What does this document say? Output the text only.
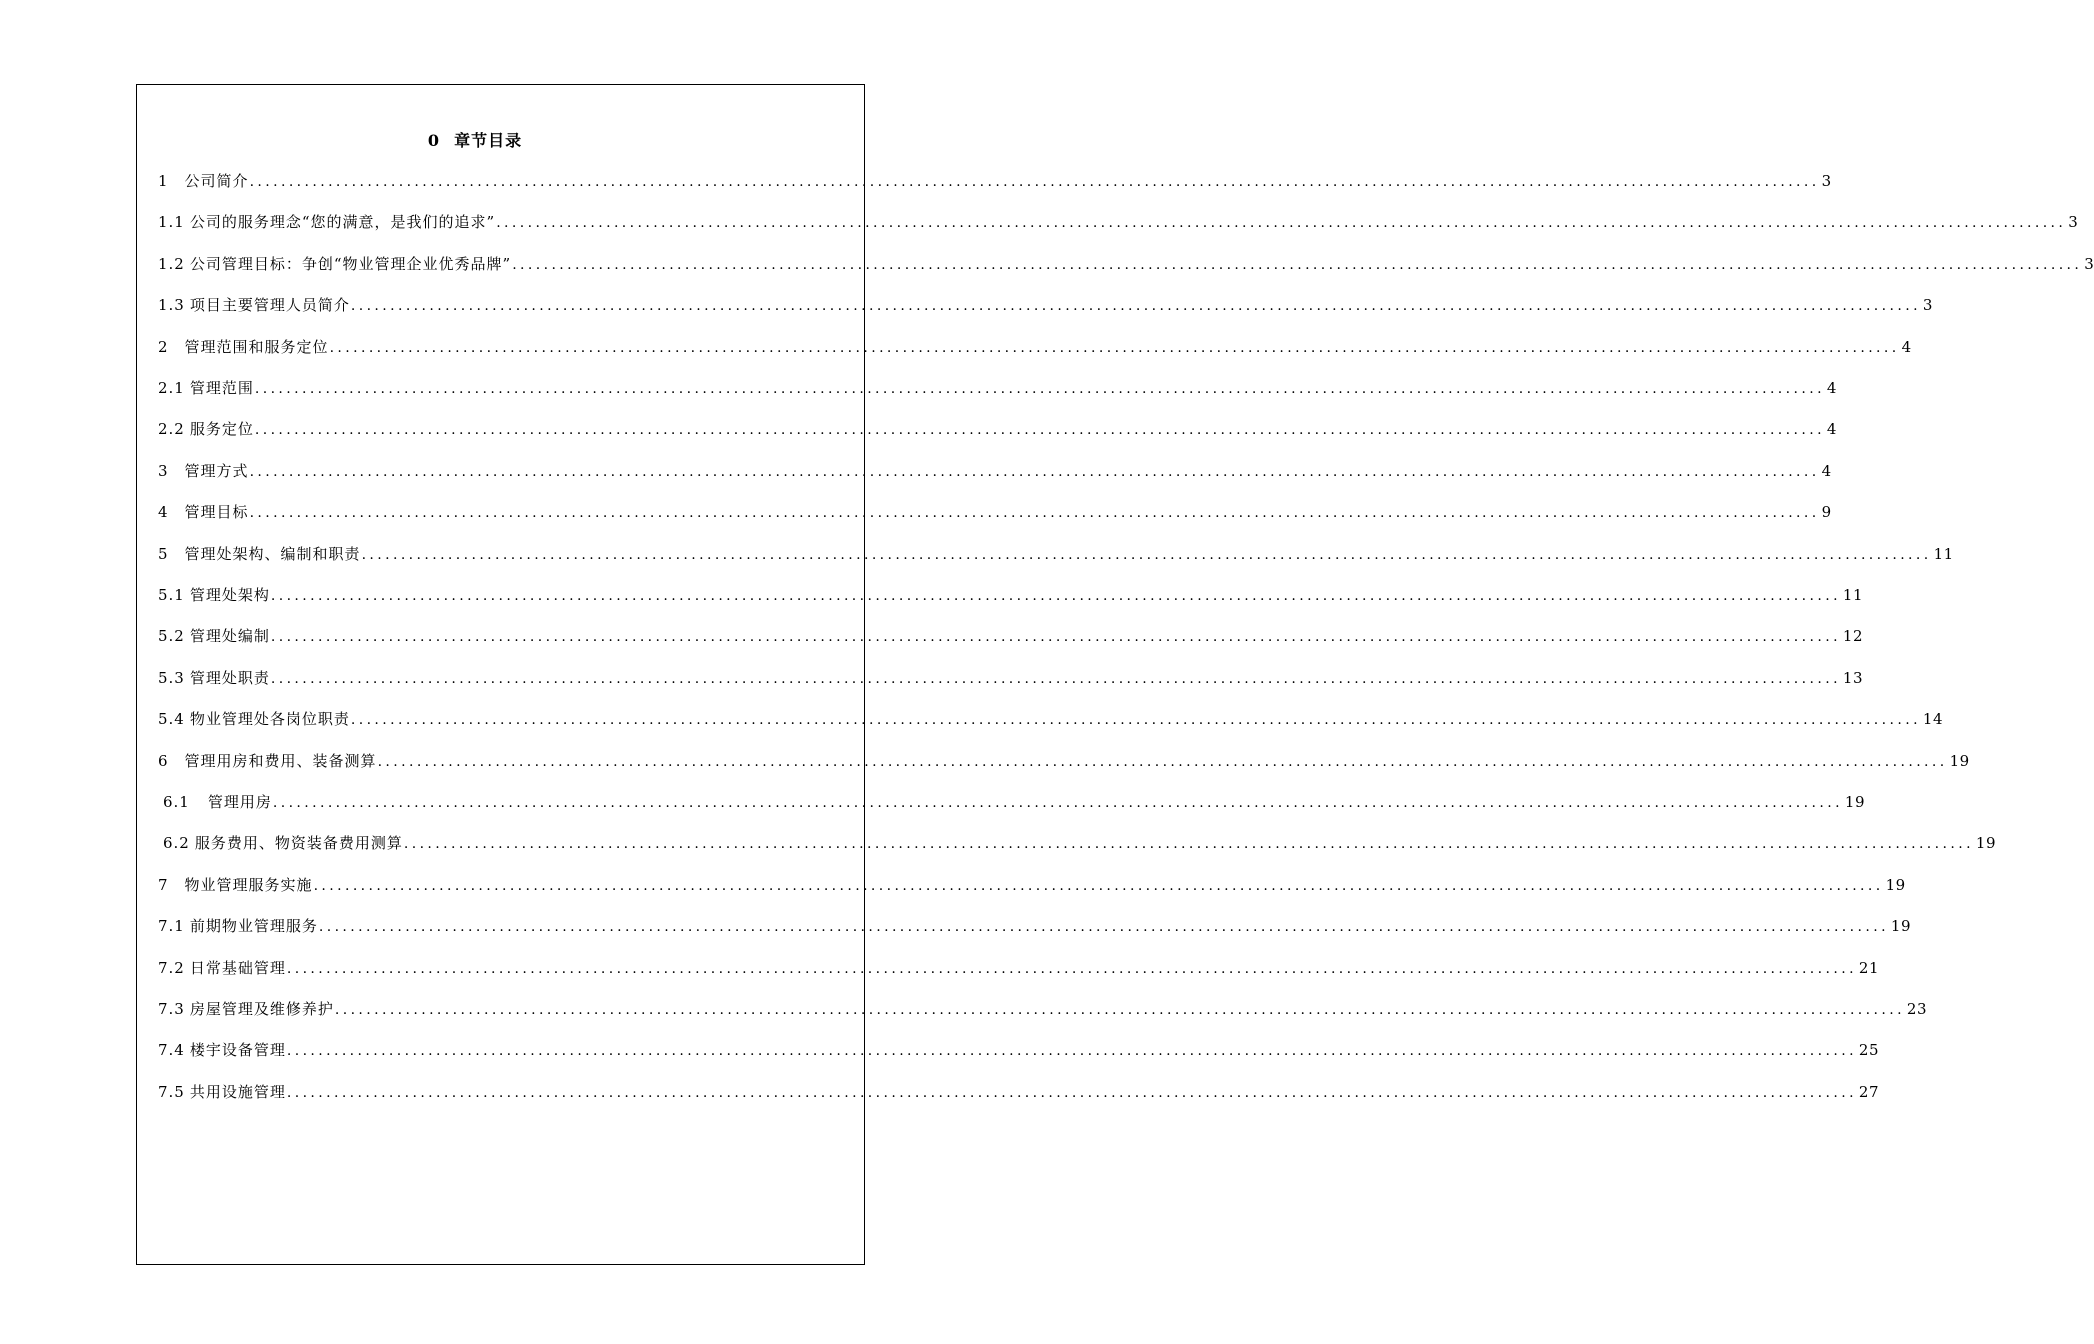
0 章节目录
1 公司简介 ........................................................................................................................................................................................................ 3
1.1 公司的服务理念“您的满意，是我们的追求” ........................................................................................................................................................................................................ 3
1.2 公司管理目标：争创“物业管理企业优秀品牌” ........................................................................................................................................................................................................ 3
1.3 项目主要管理人员简介 ........................................................................................................................................................................................................ 3
2 管理范围和服务定位 ........................................................................................................................................................................................................ 4
2.1 管理范围 ........................................................................................................................................................................................................ 4
2.2 服务定位 ........................................................................................................................................................................................................ 4
3 管理方式 ........................................................................................................................................................................................................ 4
4 管理目标 ........................................................................................................................................................................................................ 9
5 管理处架构、编制和职责 ........................................................................................................................................................................................................ 11
5.1 管理处架构 ........................................................................................................................................................................................................ 11
5.2 管理处编制 ........................................................................................................................................................................................................ 12
5.3 管理处职责 ........................................................................................................................................................................................................ 13
5.4 物业管理处各岗位职责 ........................................................................................................................................................................................................ 14
6 管理用房和费用、装备测算 ........................................................................................................................................................................................................ 19
6.1 管理用房 ........................................................................................................................................................................................................ 19
6.2 服务费用、物资装备费用测算 ........................................................................................................................................................................................................ 19
7 物业管理服务实施 ........................................................................................................................................................................................................ 19
7.1 前期物业管理服务 ........................................................................................................................................................................................................ 19
7.2 日常基础管理 ........................................................................................................................................................................................................ 21
7.3 房屋管理及维修养护 ........................................................................................................................................................................................................ 23
7.4 楼宇设备管理 ........................................................................................................................................................................................................ 25
7.5 共用设施管理 ........................................................................................................................................................................................................ 27
